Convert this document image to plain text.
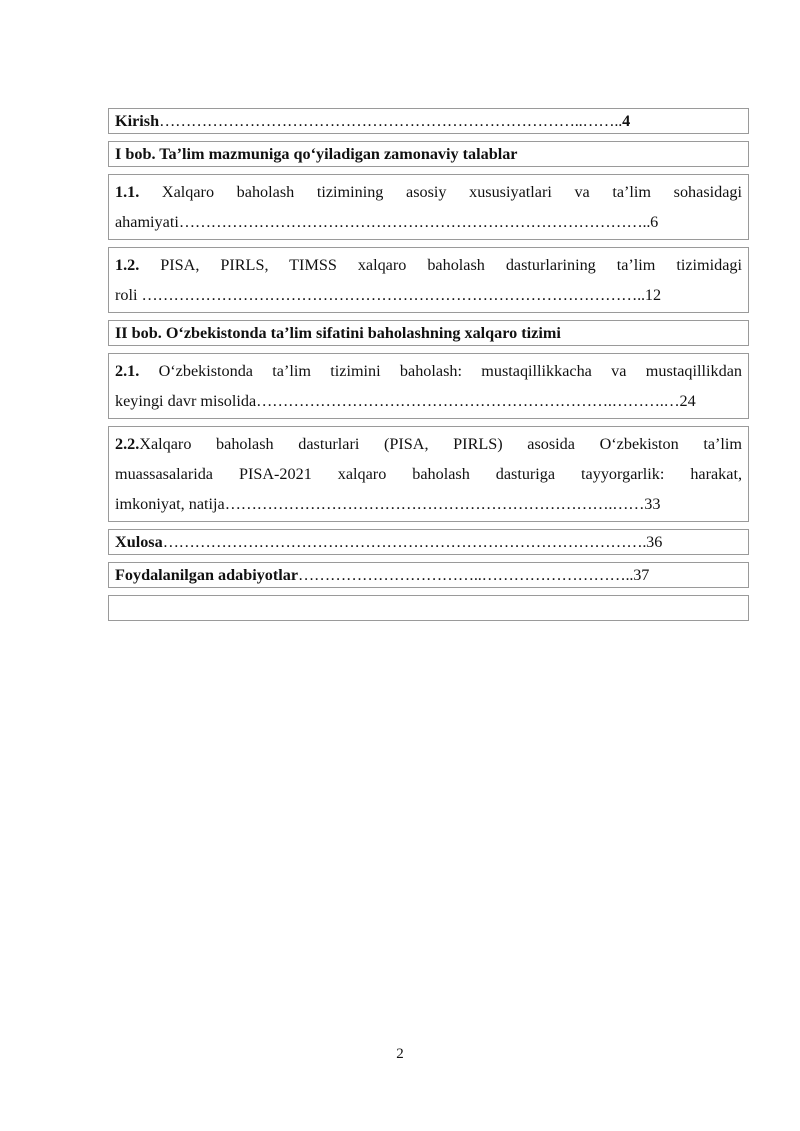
Kirish……………………………………………………………………..……..4
I bob. Ta’lim mazmuniga qo‘yiladigan zamonaviy talablar
1.1. Xalqaro baholash tizimining asosiy xususiyatlari va ta’lim sohasidagi
ahamiyati……………………………………………………………………………..6
1.2. PISA, PIRLS, TIMSS xalqaro baholash dasturlarining ta’lim tizimidagi
roli …………………………………………………………………………………..12
II bob. O‘zbekistonda ta’lim sifatini baholashning xalqaro tizimi
2.1. O‘zbekistonda ta’lim tizimini baholash: mustaqillikkacha va mustaqillikdan
keyingi davr misolida………………………………………………………….……….…24
2.2.Xalqaro baholash dasturlari (PISA, PIRLS) asosida O‘zbekiston ta’lim
muassasalarida PISA-2021 xalqaro baholash dasturiga tayyorgarlik: harakat,
imkoniyat, natija……………………………………………………………….……33
Xulosa……………………………………………………………………………….36
Foydalanilgan adabiyotlar……………………………..………………………..37
2
